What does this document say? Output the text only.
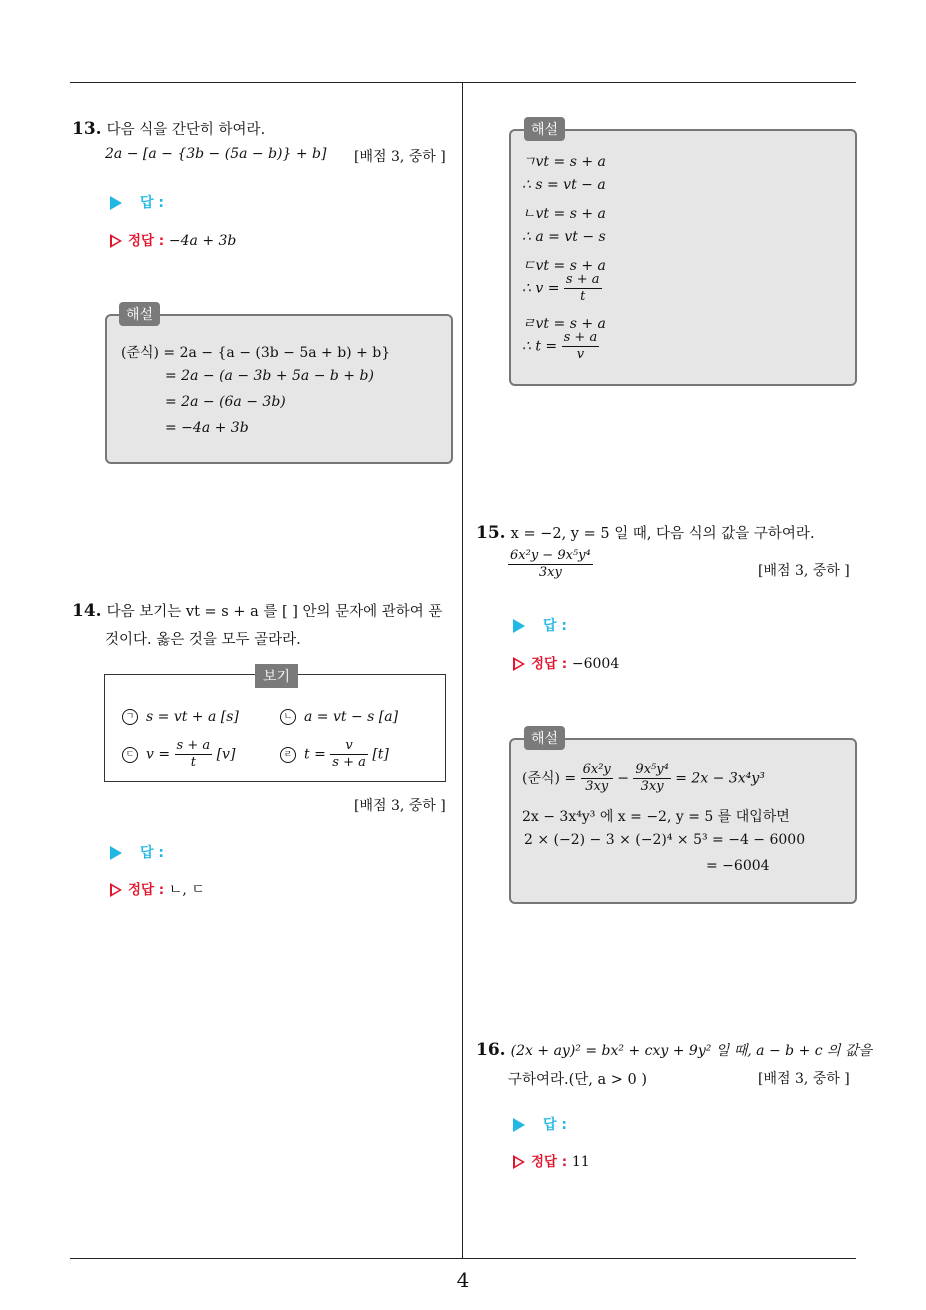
13. 다음 식을 간단히 하여라.
2a − [a − {3b − (5a − b)} + b] [배점 3, 중하 ]
답 :
정답 : −4a + 3b
해설
(준식) = 2a − {a − (3b − 5a + b) + b}
= 2a − (a − 3b + 5a − b + b)
= 2a − (6a − 3b)
= −4a + 3b
14. 다음 보기는 vt = s + a 를 [ ] 안의 문자에 관하여 푼
것이다. 옳은 것을 모두 골라라.
보기
ㄱ s = vt + a [s]	ㄴ a = vt − s [a]
ㄷ $v = \frac{s + a}{t} [v]$	ㄹ $t = \frac{v}{s + a} [t]$
[배점 3, 중하 ]
답 :
정답 : ㄴ, ㄷ
해설
ㄱvt = s + a
∴ s = vt − a
ㄴvt = s + a
∴ a = vt − s
ㄷvt = s + a
∴ $v = \frac{s + a}{t}$
ㄹvt = s + a
∴ $t = \frac{s + a}{v}$
15. x = −2, y = 5 일 때, 다음 식의 값을 구하여라.
$\frac{\text{6x²y − 9x⁵y⁴}}{3xy}$	[배점 3, 중하 ]
답 :
정답 : −6004
해설
(준식) = $\frac{\text{6x²y}}{3xy} - \frac{\text{9x⁵y⁴}}{3xy} = 2x - 3x^4y^3$
2x − 3x⁴y³ 에 x = −2, y = 5 를 대입하면
2 × (−2) − 3 × (−2)⁴ × 5³ = −4 − 6000
= −6004
16. (2x + ay)² = bx² + cxy + 9y² 일 때, a − b + c 의 값을
구하여라.(단, a > 0 )	[배점 3, 중하 ]
답 :
정답 : 11
4
